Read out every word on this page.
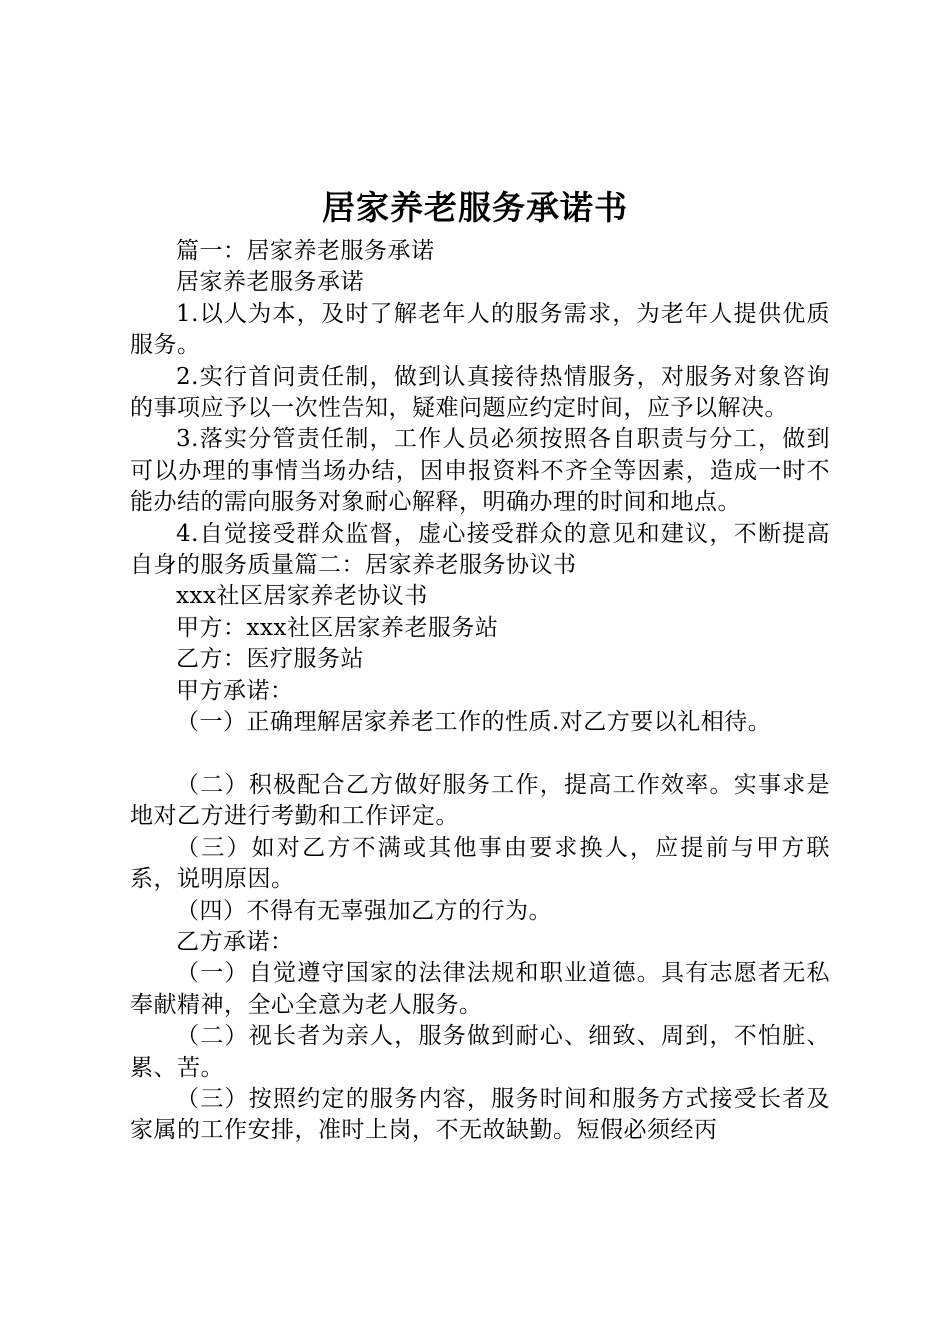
居家养老服务承诺书

篇一：居家养老服务承诺

居家养老服务承诺

1.以人为本，及时了解老年人的服务需求，为老年人提供优质服务。

2.实行首问责任制，做到认真接待热情服务，对服务对象咨询的事项应予以一次性告知，疑难问题应约定时间，应予以解决。

3.落实分管责任制，工作人员必须按照各自职责与分工，做到可以办理的事情当场办结，因申报资料不齐全等因素，造成一时不能办结的需向服务对象耐心解释，明确办理的时间和地点。

4.自觉接受群众监督，虚心接受群众的意见和建议，不断提高自身的服务质量篇二：居家养老服务协议书

xxx社区居家养老协议书

甲方：xxx社区居家养老服务站

乙方：医疗服务站

甲方承诺：

（一）正确理解居家养老工作的性质.对乙方要以礼相待。

（二）积极配合乙方做好服务工作，提高工作效率。实事求是地对乙方进行考勤和工作评定。

（三）如对乙方不满或其他事由要求换人，应提前与甲方联系，说明原因。

（四）不得有无辜强加乙方的行为。

乙方承诺：

（一）自觉遵守国家的法律法规和职业道德。具有志愿者无私奉献精神，全心全意为老人服务。

（二）视长者为亲人，服务做到耐心、细致、周到，不怕脏、累、苦。

（三）按照约定的服务内容，服务时间和服务方式接受长者及家属的工作安排，准时上岗，不无故缺勤。短假必须经丙
